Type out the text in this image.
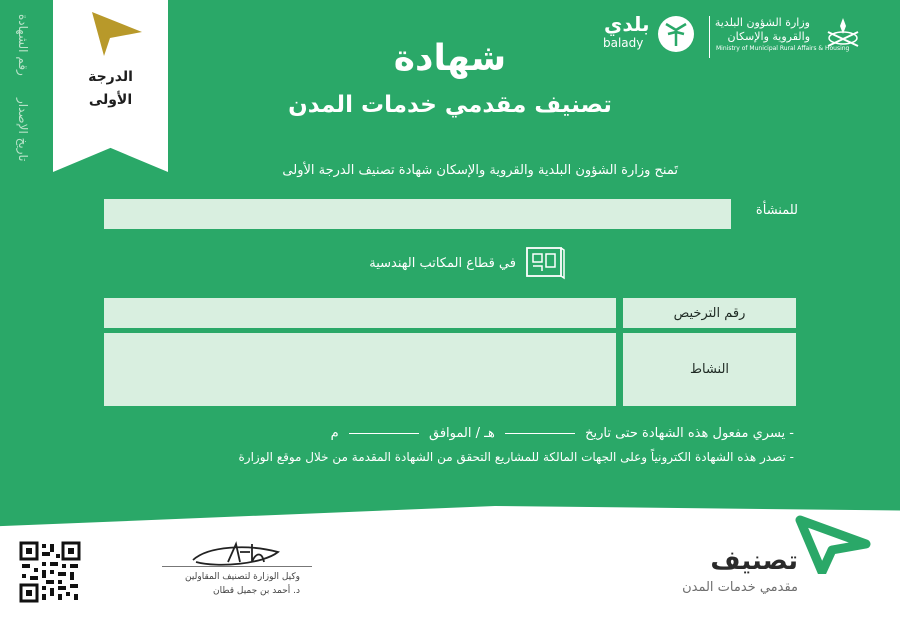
رقم الشهادة
تاريخ الإصدار
الدرجة
الأولى
وزارة الشؤون البلدية
والقروية والإسكان
Ministry of Municipal Rural Affairs & Housing
بلدي
balady
شهادة
تصنيف مقدمي خدمات المدن
تَمنح وزارة الشؤون البلدية والقروية والإسكان شهادة تصنيف الدرجة الأولى
للمنشأة
في قطاع المكاتب الهندسية
رقم الترخيص
النشاط
- يسري مفعول هذه الشهادة حتى تاريخ  هـ / الموافق  م
- تصدر هذه الشهادة الكترونياً وعلى الجهات المالكة للمشاريع التحقق من الشهادة المقدمة من خلال موقع الوزارة
وكيل الوزارة لتصنيف المقاولين
د. أحمد بن جميل قطان
تصنيف
مقدمي خدمات المدن
